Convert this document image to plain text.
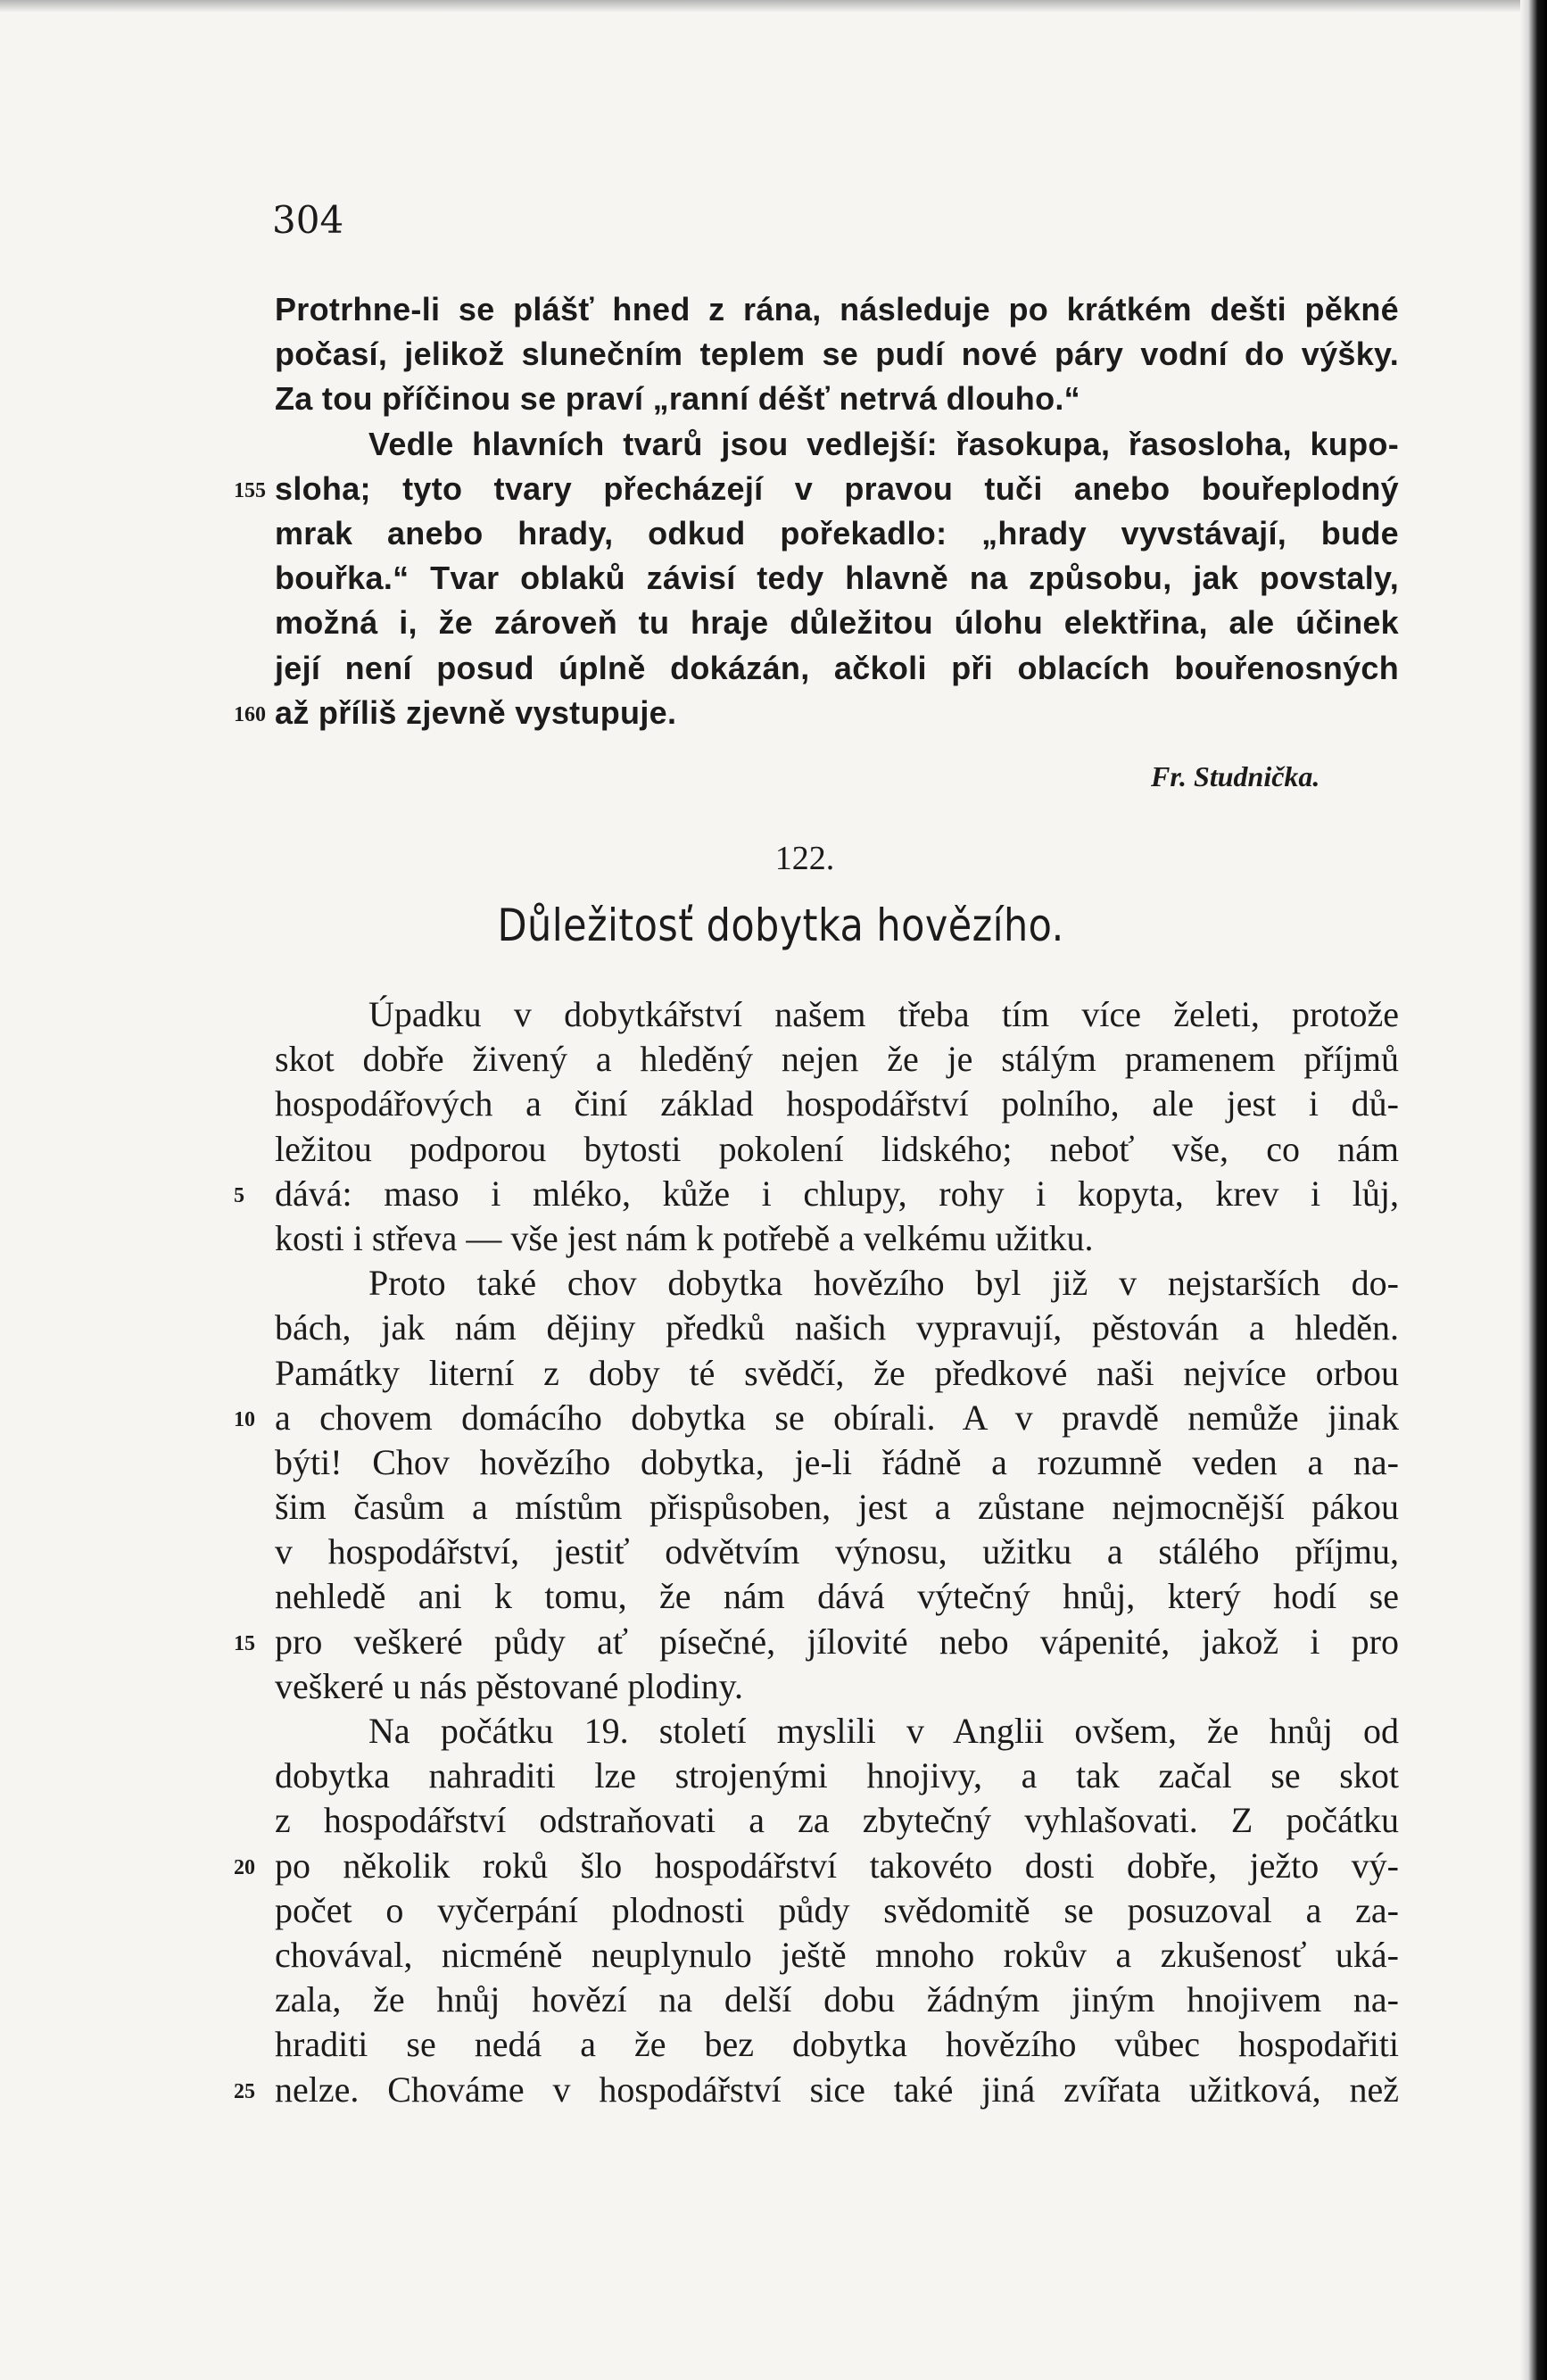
304
Protrhne-li se plášť hned z rána, následuje po krátkém dešti pěkné
počasí, jelikož slunečním teplem se pudí nové páry vodní do výšky.
Za tou příčinou se praví „ranní déšť netrvá dlouho.“
Vedle hlavních tvarů jsou vedlejší: řasokupa, řasosloha, kupo-
sloha; tyto tvary přecházejí v pravou tuči anebo bouřeplodný
mrak anebo hrady, odkud pořekadlo: „hrady vyvstávají, bude
bouřka.“ Tvar oblaků závisí tedy hlavně na způsobu, jak povstaly,
možná i, že zároveň tu hraje důležitou úlohu elektřina, ale účinek
její není posud úplně dokázán, ačkoli při oblacích bouřenosných
až příliš zjevně vystupuje.
Fr. Studnička.
122.
Důležitosť dobytka hovězího.
Úpadku v dobytkářství našem třeba tím více želeti, protože
skot dobře živený a hleděný nejen že je stálým pramenem příjmů
hospodářových a činí základ hospodářství polního, ale jest i dů-
ležitou podporou bytosti pokolení lidského; neboť vše, co nám
dává: maso i mléko, kůže i chlupy, rohy i kopyta, krev i lůj,
kosti i střeva — vše jest nám k potřebě a velkému užitku.
Proto také chov dobytka hovězího byl již v nejstarších do-
bách, jak nám dějiny předků našich vypravují, pěstován a hleděn.
Památky literní z doby té svědčí, že předkové naši nejvíce orbou
a chovem domácího dobytka se obírali. A v pravdě nemůže jinak
býti! Chov hovězího dobytka, je-li řádně a rozumně veden a na-
šim časům a místům přispůsoben, jest a zůstane nejmocnější pákou
v hospodářství, jestiť odvětvím výnosu, užitku a stálého příjmu,
nehledě ani k tomu, že nám dává výtečný hnůj, který hodí se
pro veškeré půdy ať písečné, jílovité nebo vápenité, jakož i pro
veškeré u nás pěstované plodiny.
Na počátku 19. století myslili v Anglii ovšem, že hnůj od
dobytka nahraditi lze strojenými hnojivy, a tak začal se skot
z hospodářství odstraňovati a za zbytečný vyhlašovati. Z počátku
po několik roků šlo hospodářství takovéto dosti dobře, ježto vý-
počet o vyčerpání plodnosti půdy svědomitě se posuzoval a za-
chovával, nicméně neuplynulo ještě mnoho rokův a zkušenosť uká-
zala, že hnůj hovězí na delší dobu žádným jiným hnojivem na-
hraditi se nedá a že bez dobytka hovězího vůbec hospodařiti
nelze. Chováme v hospodářství sice také jiná zvířata užitková, než
155
160
5
10
15
20
25
